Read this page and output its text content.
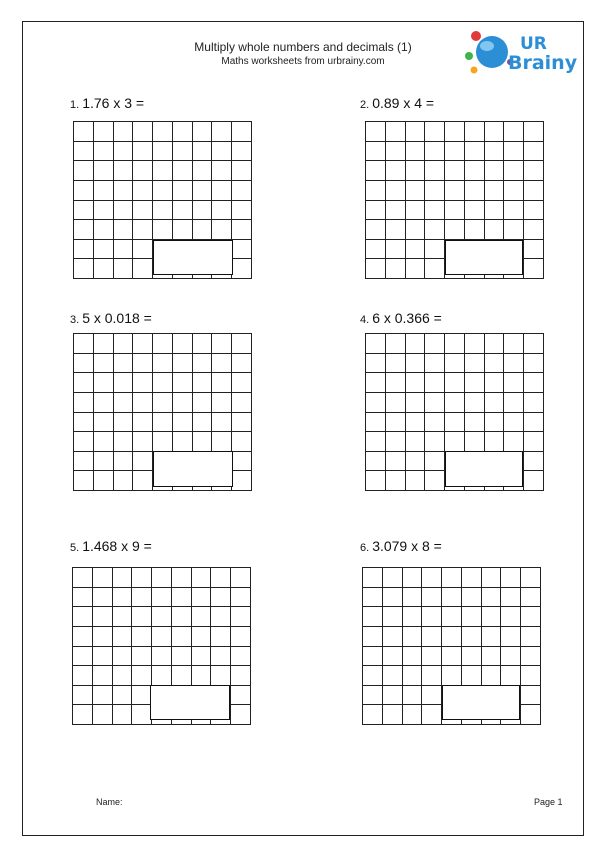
Multiply whole numbers and decimals (1)
Maths worksheets from urbrainy.com
UR
Brainy
1. 1.76 x 3 =

									2. 0.89 x 4 =

3. 5 x 0.018 =

									4. 6 x 0.366 =

5. 1.468 x 9 =

									6. 3.079 x 8 =

Name:	Page 1
